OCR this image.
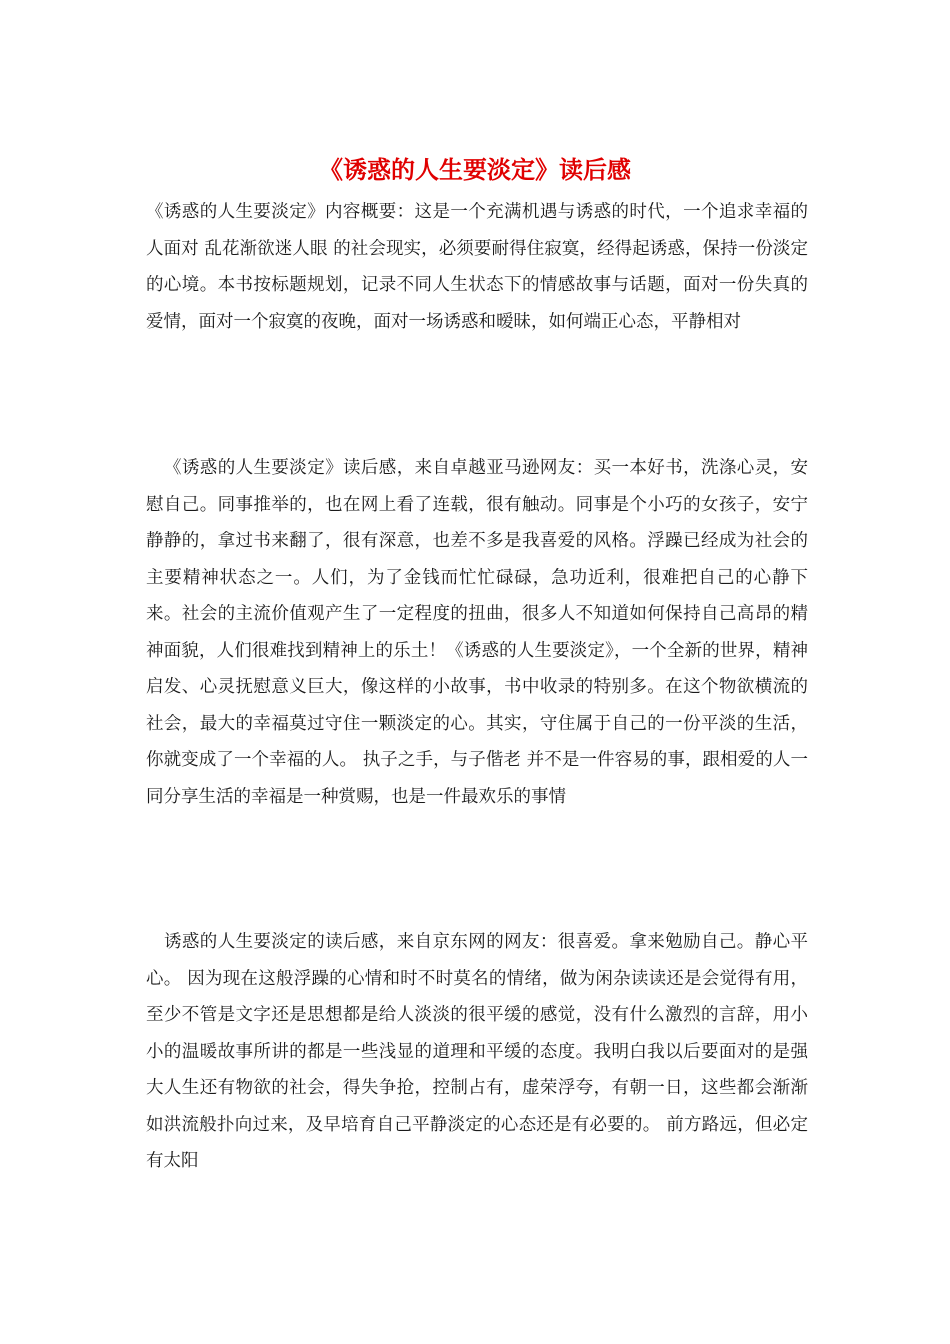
《诱惑的人生要淡定》读后感

《诱惑的人生要淡定》内容概要：这是一个充满机遇与诱惑的时代，一个追求幸福的人面对 乱花渐欲迷人眼 的社会现实，必须要耐得住寂寞，经得起诱惑，保持一份淡定的心境。本书按标题规划，记录不同人生状态下的情感故事与话题，面对一份失真的爱情，面对一个寂寞的夜晚，面对一场诱惑和暧昧，如何端正心态，平静相对

《诱惑的人生要淡定》读后感，来自卓越亚马逊网友：买一本好书，洗涤心灵，安慰自己。同事推举的，也在网上看了连载，很有触动。同事是个小巧的女孩子，安宁静静的，拿过书来翻了，很有深意，也差不多是我喜爱的风格。浮躁已经成为社会的主要精神状态之一。人们，为了金钱而忙忙碌碌，急功近利，很难把自己的心静下来。社会的主流价值观产生了一定程度的扭曲，很多人不知道如何保持自己高昂的精神面貌，人们很难找到精神上的乐土！《诱惑的人生要淡定》，一个全新的世界，精神启发、心灵抚慰意义巨大，像这样的小故事，书中收录的特别多。在这个物欲横流的社会，最大的幸福莫过守住一颗淡定的心。其实，守住属于自己的一份平淡的生活，你就变成了一个幸福的人。 执子之手，与子偕老 并不是一件容易的事，跟相爱的人一同分享生活的幸福是一种赏赐，也是一件最欢乐的事情

诱惑的人生要淡定的读后感，来自京东网的网友：很喜爱。拿来勉励自己。静心平心。 因为现在这般浮躁的心情和时不时莫名的情绪，做为闲杂读读还是会觉得有用，至少不管是文字还是思想都是给人淡淡的很平缓的感觉，没有什么激烈的言辞，用小小的温暖故事所讲的都是一些浅显的道理和平缓的态度。我明白我以后要面对的是强大人生还有物欲的社会，得失争抢，控制占有，虚荣浮夸，有朝一日，这些都会渐渐如洪流般扑向过来，及早培育自己平静淡定的心态还是有必要的。 前方路远，但必定有太阳
